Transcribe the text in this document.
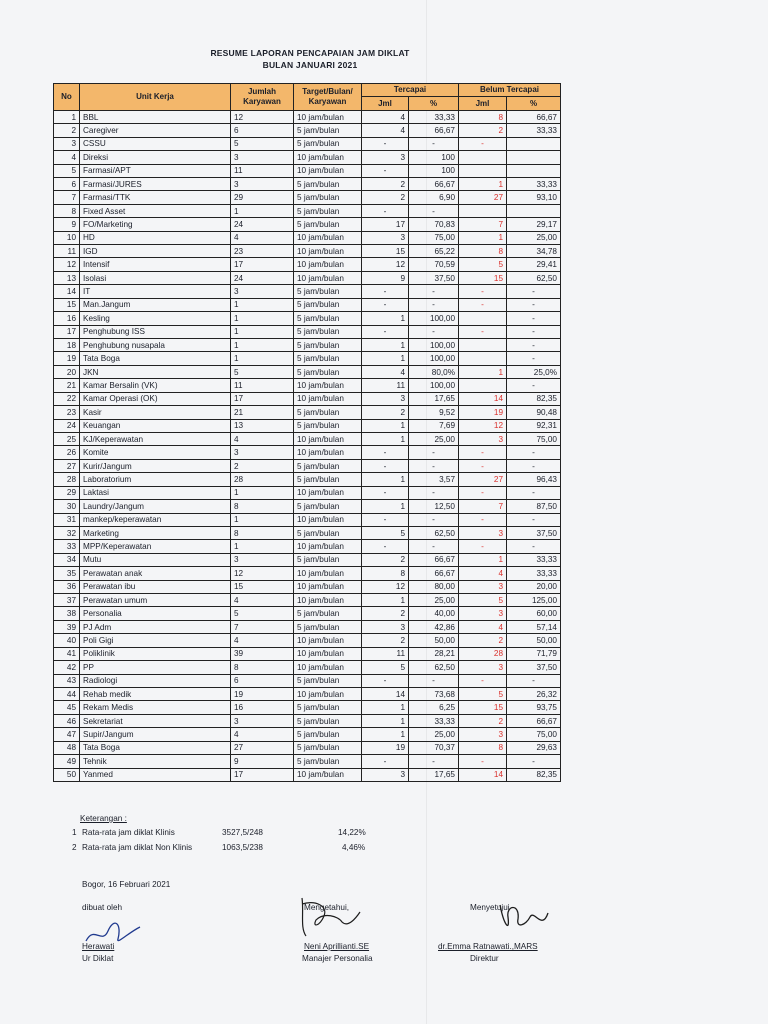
RESUME LAPORAN PENCAPAIAN JAM DIKLAT
BULAN JANUARI 2021
No	Unit Kerja	Jumlah Karyawan	Target/Bulan/ Karyawan	Tercapai		Belum Tercapai	
				Jml	%	Jml	%
1	BBL	12	10 jam/bulan	4	33,33	8	66,67
2	Caregiver	6	5 jam/bulan	4	66,67	2	33,33
3	CSSU	5	5 jam/bulan	-	-	-	
4	Direksi	3	10 jam/bulan	3	100		
5	Farmasi/APT	11	10 jam/bulan	-	100		
6	Farmasi/JURES	3	5 jam/bulan	2	66,67	1	33,33
7	Farmasi/TTK	29	5 jam/bulan	2	6,90	27	93,10
8	Fixed Asset	1	5 jam/bulan	-	-		
9	FO/Marketing	24	5 jam/bulan	17	70,83	7	29,17
10	HD	4	10 jam/bulan	3	75,00	1	25,00
11	IGD	23	10 jam/bulan	15	65,22	8	34,78
12	Intensif	17	10 jam/bulan	12	70,59	5	29,41
13	Isolasi	24	10 jam/bulan	9	37,50	15	62,50
14	IT	3	5 jam/bulan	-	-	-	-
15	Man.Jangum	1	5 jam/bulan	-	-	-	-
16	Kesling	1	5 jam/bulan	1	100,00		-
17	Penghubung ISS	1	5 jam/bulan	-	-	-	-
18	Penghubung nusapala	1	5 jam/bulan	1	100,00		-
19	Tata Boga	1	5 jam/bulan	1	100,00		-
20	JKN	5	5 jam/bulan	4	80,0%	1	25,0%
21	Kamar Bersalin (VK)	11	10 jam/bulan	11	100,00		-
22	Kamar Operasi (OK)	17	10 jam/bulan	3	17,65	14	82,35
23	Kasir	21	5 jam/bulan	2	9,52	19	90,48
24	Keuangan	13	5 jam/bulan	1	7,69	12	92,31
25	KJ/Keperawatan	4	10 jam/bulan	1	25,00	3	75,00
26	Komite	3	10 jam/bulan	-	-	-	-
27	Kurir/Jangum	2	5 jam/bulan	-	-	-	-
28	Laboratorium	28	5 jam/bulan	1	3,57	27	96,43
29	Laktasi	1	10 jam/bulan	-	-	-	-
30	Laundry/Jangum	8	5 jam/bulan	1	12,50	7	87,50
31	mankep/keperawatan	1	10 jam/bulan	-	-	-	-
32	Marketing	8	5 jam/bulan	5	62,50	3	37,50
33	MPP/Keperawatan	1	10 jam/bulan	-	-	-	-
34	Mutu	3	5 jam/bulan	2	66,67	1	33,33
35	Perawatan anak	12	10 jam/bulan	8	66,67	4	33,33
36	Perawatan ibu	15	10 jam/bulan	12	80,00	3	20,00
37	Perawatan umum	4	10 jam/bulan	1	25,00	5	125,00
38	Personalia	5	5 jam/bulan	2	40,00	3	60,00
39	PJ Adm	7	5 jam/bulan	3	42,86	4	57,14
40	Poli Gigi	4	10 jam/bulan	2	50,00	2	50,00
41	Poliklinik	39	10 jam/bulan	11	28,21	28	71,79
42	PP	8	10 jam/bulan	5	62,50	3	37,50
43	Radiologi	6	5 jam/bulan	-	-	-	-
44	Rehab medik	19	10 jam/bulan	14	73,68	5	26,32
45	Rekam Medis	16	5 jam/bulan	1	6,25	15	93,75
46	Sekretariat	3	5 jam/bulan	1	33,33	2	66,67
47	Supir/Jangum	4	5 jam/bulan	1	25,00	3	75,00
48	Tata Boga	27	5 jam/bulan	19	70,37	8	29,63
49	Tehnik	9	5 jam/bulan	-	-	-	-
50	Yanmed	17	10 jam/bulan	3	17,65	14	82,35
Keterangan :
1 Rata-rata jam diklat Klinis	3527,5/248	14,22%
2 Rata-rata jam diklat Non Klinis	1063,5/238	4,46%
Bogor, 16 Februari 2021
dibuat oleh
Herawati
Ur Diklat
Mengetahui,
Neni Aprillianti.SE
Manajer Personalia
Menyetujui
dr.Emma Ratnawati.,MARS
Direktur
